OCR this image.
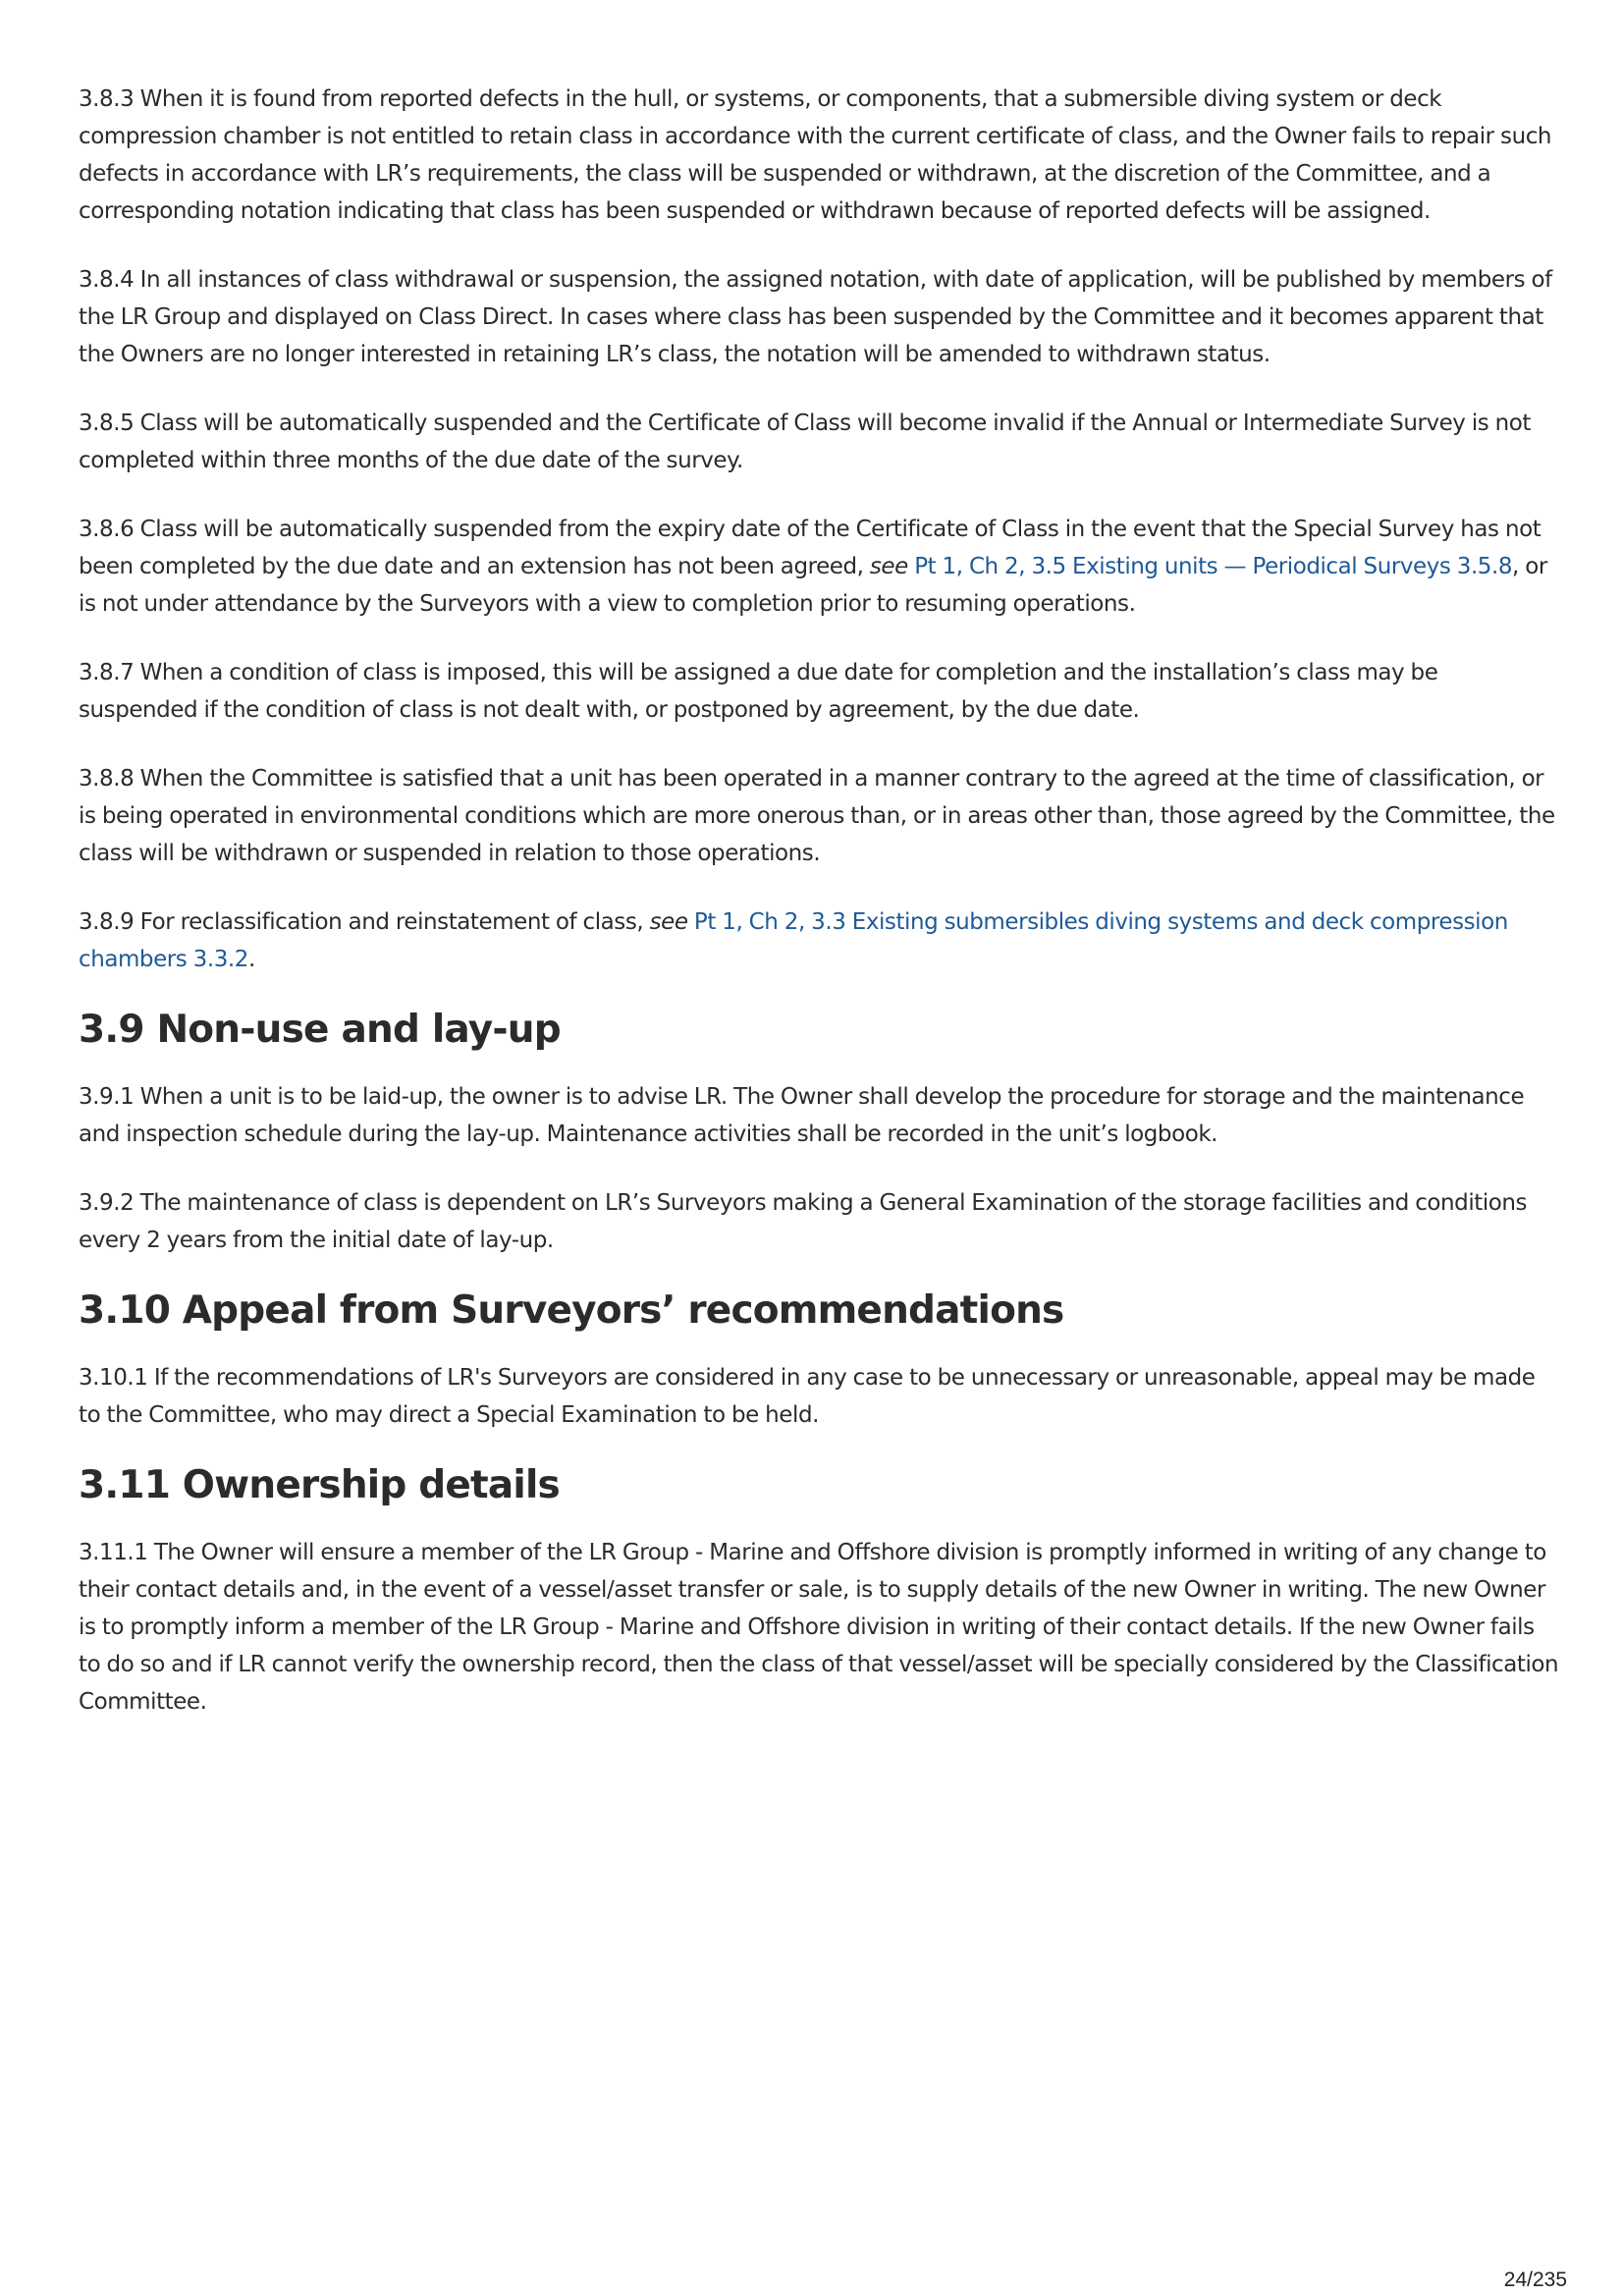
3.8.3 When it is found from reported defects in the hull, or systems, or components, that a submersible diving system or deck compression chamber is not entitled to retain class in accordance with the current certificate of class, and the Owner fails to repair such defects in accordance with LR’s requirements, the class will be suspended or withdrawn, at the discretion of the Committee, and a corresponding notation indicating that class has been suspended or withdrawn because of reported defects will be assigned.

3.8.4 In all instances of class withdrawal or suspension, the assigned notation, with date of application, will be published by members of the LR Group and displayed on Class Direct. In cases where class has been suspended by the Committee and it becomes apparent that the Owners are no longer interested in retaining LR’s class, the notation will be amended to withdrawn status.

3.8.5 Class will be automatically suspended and the Certificate of Class will become invalid if the Annual or Intermediate Survey is not completed within three months of the due date of the survey.

3.8.6 Class will be automatically suspended from the expiry date of the Certificate of Class in the event that the Special Survey has not been completed by the due date and an extension has not been agreed, see Pt 1, Ch 2, 3.5 Existing units — Periodical Surveys 3.5.8, or is not under attendance by the Surveyors with a view to completion prior to resuming operations.

3.8.7 When a condition of class is imposed, this will be assigned a due date for completion and the installation’s class may be suspended if the condition of class is not dealt with, or postponed by agreement, by the due date.

3.8.8 When the Committee is satisfied that a unit has been operated in a manner contrary to the agreed at the time of classification, or is being operated in environmental conditions which are more onerous than, or in areas other than, those agreed by the Committee, the class will be withdrawn or suspended in relation to those operations.

3.8.9 For reclassification and reinstatement of class, see Pt 1, Ch 2, 3.3 Existing submersibles diving systems and deck compression chambers 3.3.2.

3.9 Non-use and lay-up

3.9.1 When a unit is to be laid-up, the owner is to advise LR. The Owner shall develop the procedure for storage and the maintenance and inspection schedule during the lay-up. Maintenance activities shall be recorded in the unit’s logbook.

3.9.2 The maintenance of class is dependent on LR’s Surveyors making a General Examination of the storage facilities and conditions every 2 years from the initial date of lay-up.

3.10 Appeal from Surveyors’ recommendations

3.10.1 If the recommendations of LR's Surveyors are considered in any case to be unnecessary or unreasonable, appeal may be made to the Committee, who may direct a Special Examination to be held.

3.11 Ownership details

3.11.1 The Owner will ensure a member of the LR Group - Marine and Offshore division is promptly informed in writing of any change to their contact details and, in the event of a vessel/asset transfer or sale, is to supply details of the new Owner in writing. The new Owner is to promptly inform a member of the LR Group - Marine and Offshore division in writing of their contact details. If the new Owner fails to do so and if LR cannot verify the ownership record, then the class of that vessel/asset will be specially considered by the Classification Committee.

24/235
